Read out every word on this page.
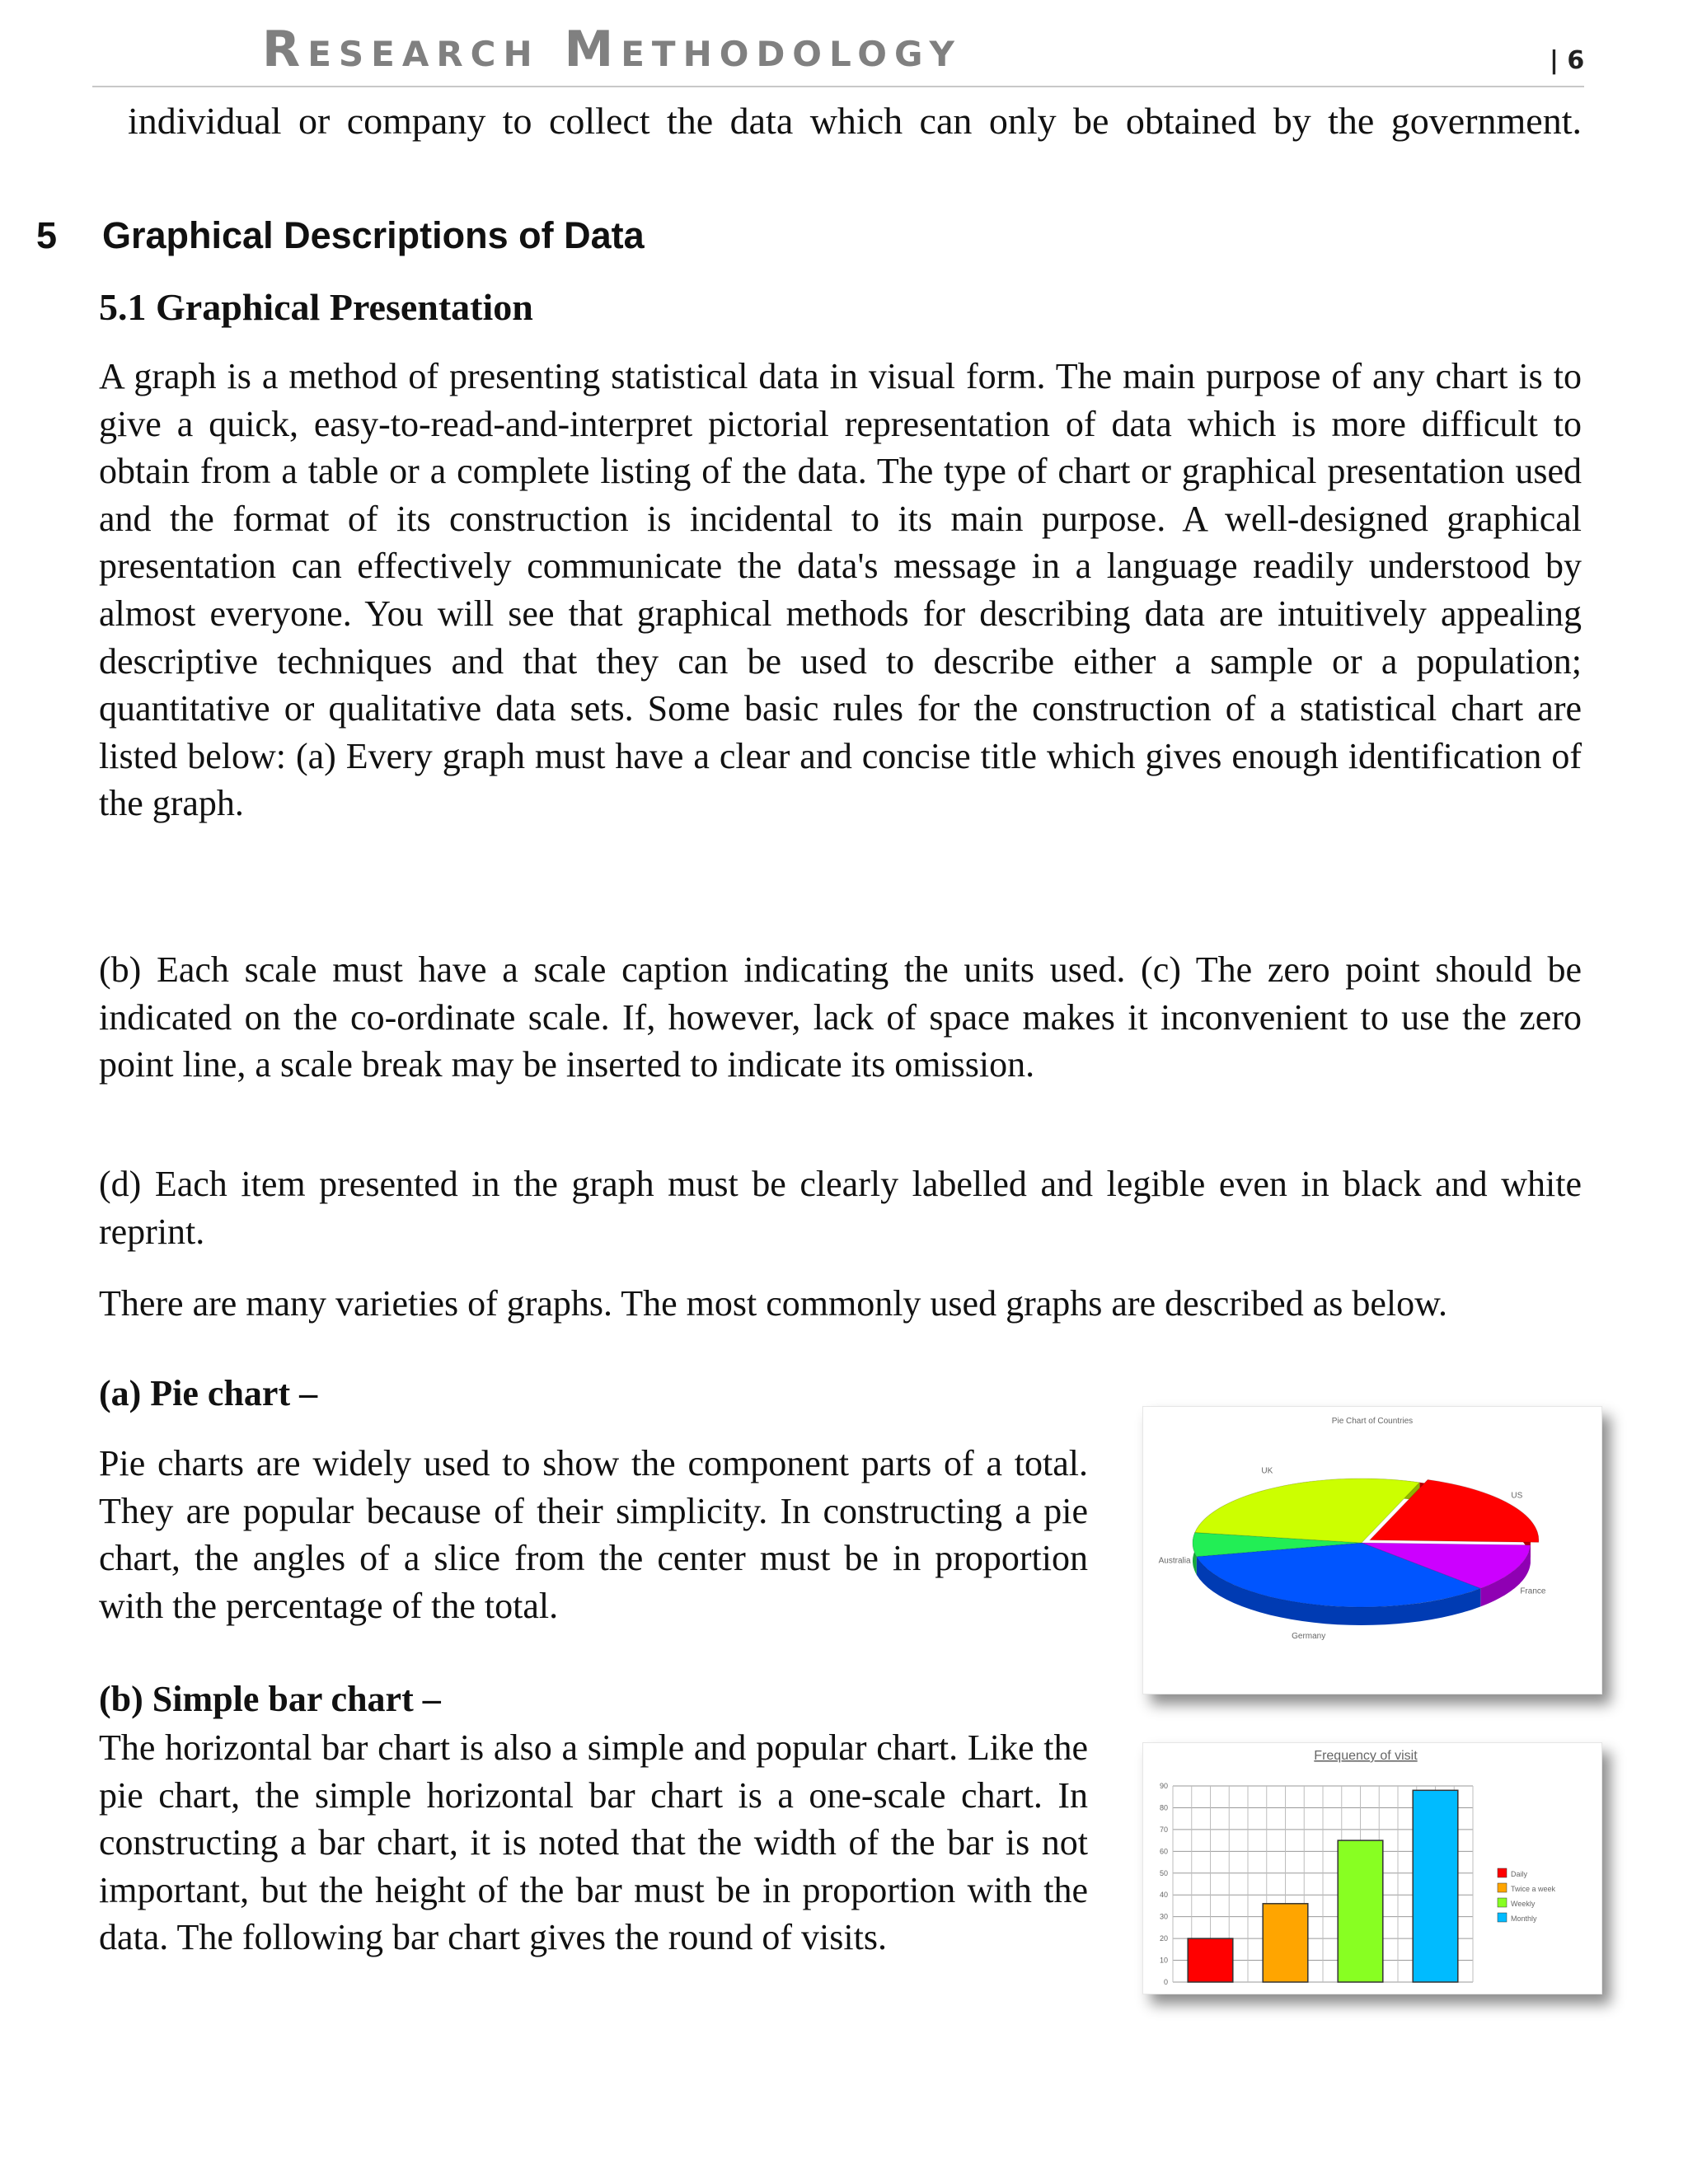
Research Methodology	| 6
individual or company to collect the data which can only be obtained by the government.
5 Graphical Descriptions of Data
5.1 Graphical Presentation
A graph is a method of presenting statistical data in visual form. The main purpose of any chart is to give a quick, easy-to-read-and-interpret pictorial representation of data which is more difficult to obtain from a table or a complete listing of the data. The type of chart or graphical presentation used and the format of its construction is incidental to its main purpose. A well-designed graphical presentation can effectively communicate the data's message in a language readily understood by almost everyone. You will see that graphical methods for describing data are intuitively appealing descriptive techniques and that they can be used to describe either a sample or a population; quantitative or qualitative data sets. Some basic rules for the construction of a statistical chart are listed below: (a) Every graph must have a clear and concise title which gives enough identification of the graph.
(b) Each scale must have a scale caption indicating the units used. (c) The zero point should be indicated on the co-ordinate scale. If, however, lack of space makes it inconvenient to use the zero point line, a scale break may be inserted to indicate its omission.
(d) Each item presented in the graph must be clearly labelled and legible even in black and white reprint.
There are many varieties of graphs. The most commonly used graphs are described as below.
(a) Pie chart –
Pie charts are widely used to show the component parts of a total. They are popular because of their simplicity. In constructing a pie chart, the angles of a slice from the center must be in proportion with the percentage of the total.
(b) Simple bar chart –
The horizontal bar chart is also a simple and popular chart. Like the pie chart, the simple horizontal bar chart is a one-scale chart. In constructing a bar chart, it is noted that the width of the bar is not important, but the height of the bar must be in proportion with the data. The following bar chart gives the round of visits.
Pie Chart of Countries
US
France
Germany
Australia
UK
Frequency of visit
0
10
20
30
40
50
60
70
80
90
Daily
Twice a week
Weekly
Monthly
